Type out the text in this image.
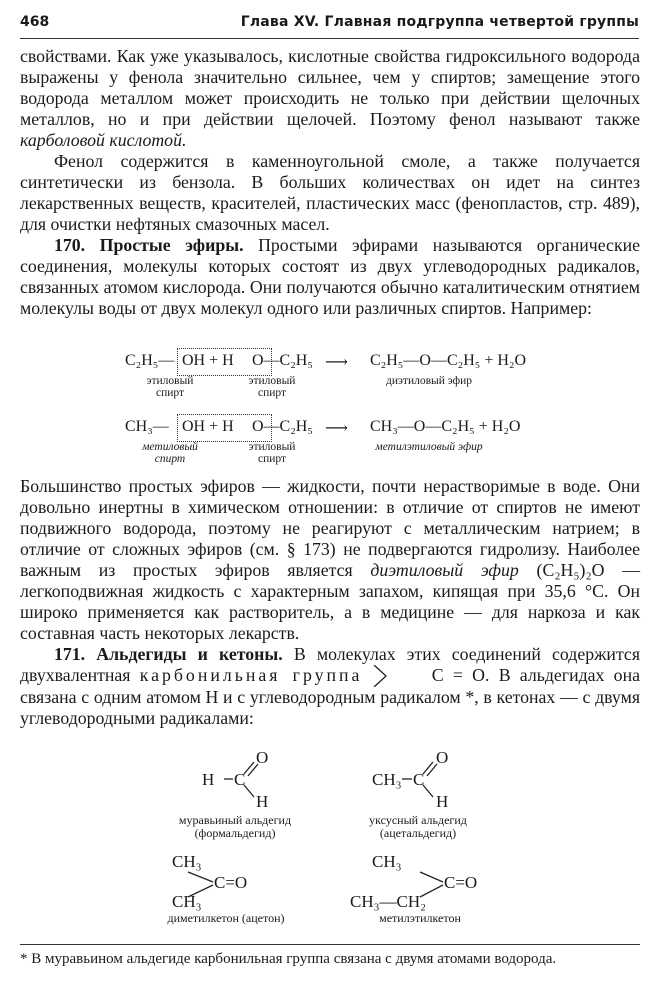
468	Глава XV. Главная подгруппа четвертой группы

свойствами. Как уже указывалось, кислотные свойства гидроксильного водорода выражены у фенола значительно сильнее, чем у спиртов; замещение этого водорода металлом может происходить не только при действии щелочных металлов, но и при действии щелочей. Поэтому фенол называют также карболовой кислотой.

Фенол содержится в каменноугольной смоле, а также получается синтетически из бензола. В больших количествах он идет на синтез лекарственных веществ, красителей, пластических масс (фенопластов, стр. 489), для очистки нефтяных смазочных масел.

170. Простые эфиры. Простыми эфирами называются органические соединения, молекулы которых состоят из двух углеводородных радикалов, связанных атомом кислорода. Они получаются обычно каталитическим отнятием молекулы воды от двух молекул одного или различных спиртов. Например:

C₂H₅— OH + H O—C₂H₅ ⟶ C₂H₅—O—C₂H₅ + H₂O
этиловый спирт
этиловый спирт
диэтиловый эфир
CH₃— OH + H O—C₂H₅ ⟶ CH₃—O—C₂H₅ + H₂O
метиловый спирт
этиловый спирт
метилэтиловый эфир

Большинство простых эфиров — жидкости, почти нерастворимые в воде. Они довольно инертны в химическом отношении: в отличие от спиртов не имеют подвижного водорода, поэтому не реагируют с металлическим натрием; в отличие от сложных эфиров (см. § 173) не подвергаются гидролизу. Наиболее важным из простых эфиров является диэтиловый эфир (C₂H₅)₂O — легкоподвижная жидкость с характерным запахом, кипящая при 35,6 °С. Он широко применяется как растворитель, а в медицине — для наркоза и как составная часть некоторых лекарств.

171. Альдегиды и кетоны. В молекулах этих соединений содержится двухвалентная карбонильная группа	C = O. В альдегидах она связана с одним атомом H и с углеводородным радикалом *, в кетонах — с двумя углеводородными радикалами:

H C
O
H
муравьиный альдегид (формальдегид)
CH₃ C
O
H
уксусный альдегид (ацетальдегид)
CH₃
C=O
CH₃
диметилкетон (ацетон)
CH₃
C=O
CH₃—CH₂
метилэтилкетон
* В муравьином альдегиде карбонильная группа связана с двумя атомами водорода.
